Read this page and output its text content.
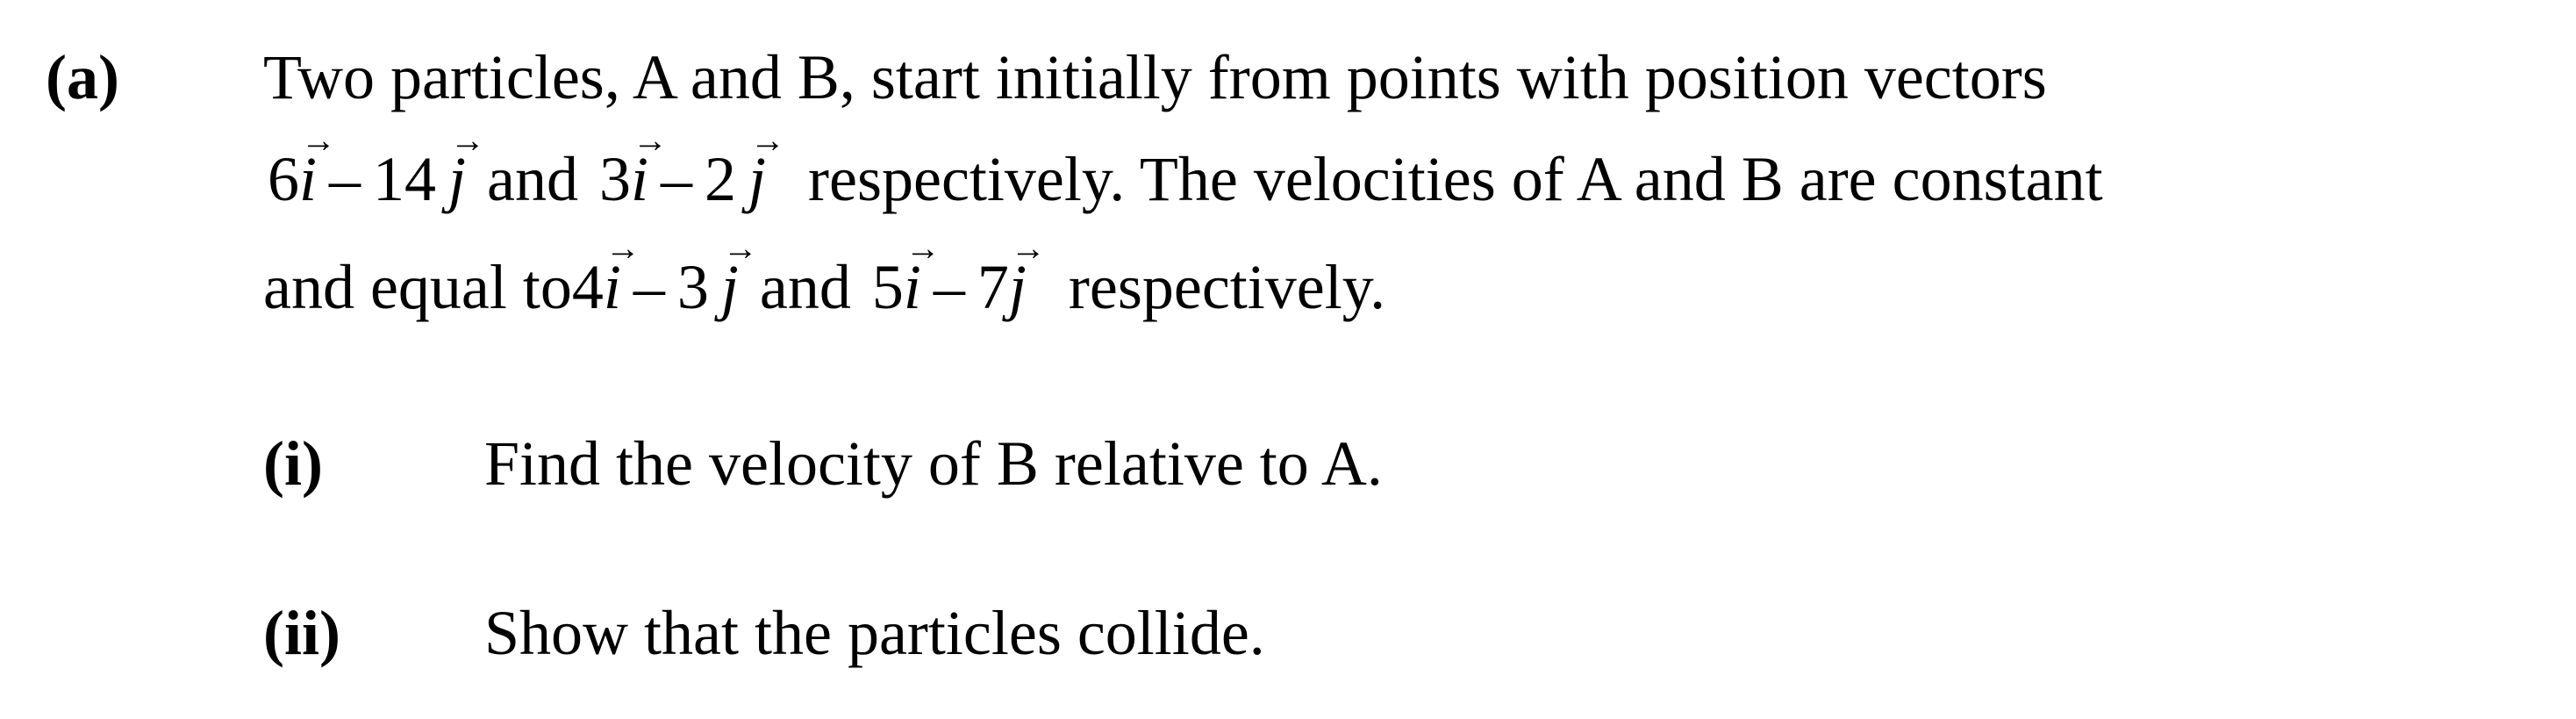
(a) Two particles, A and B, start initially from points with position vectors
6
→
i – 14
→
j and 3
→
i – 2
→
j respectively. The velocities of A and B are constant
and equal to4
→
i – 3
→
j and 5
→
i – 7
→
j respectively.
(i)	Find the velocity of B relative to A.
(ii) Show that the particles collide.
